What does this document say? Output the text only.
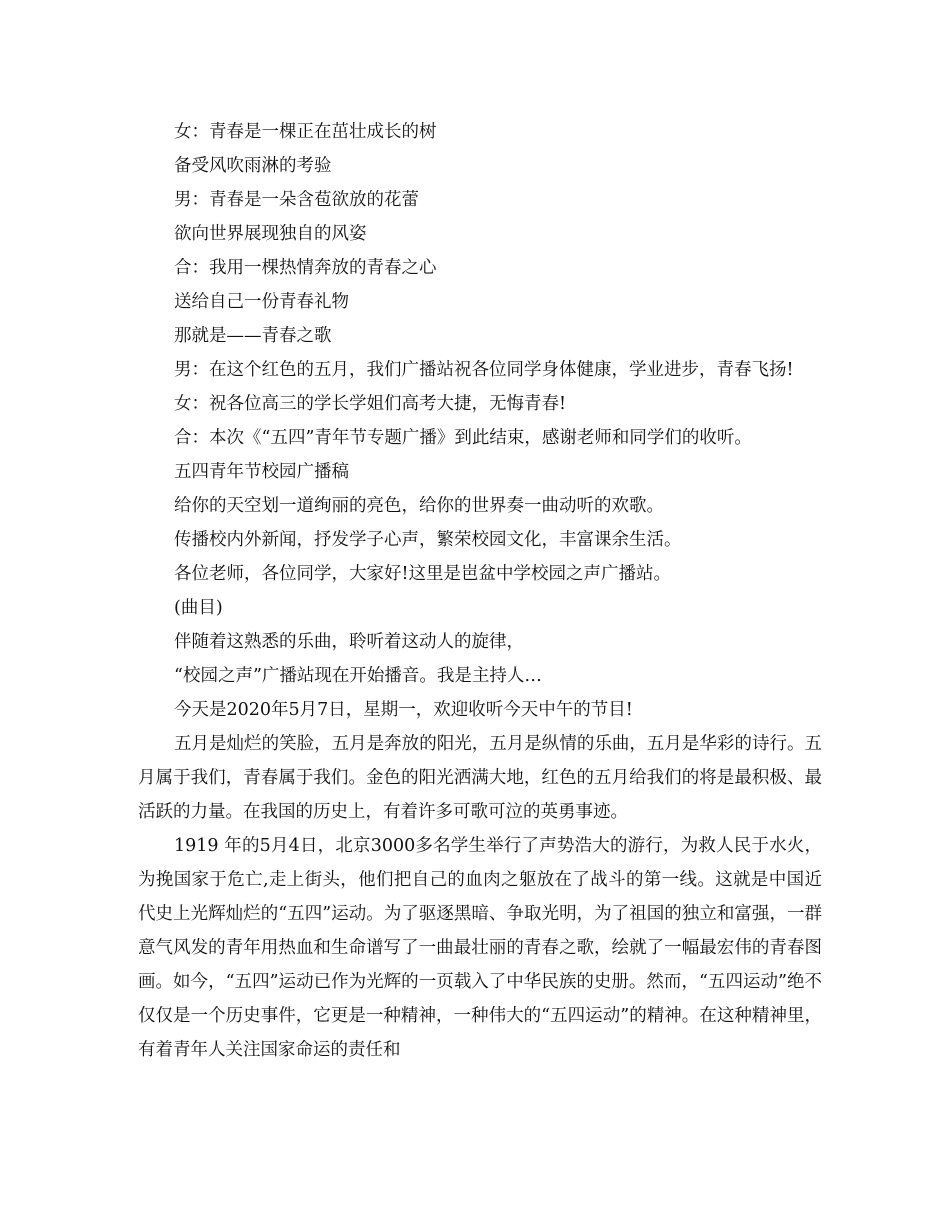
女：青春是一棵正在茁壮成长的树

备受风吹雨淋的考验

男：青春是一朵含苞欲放的花蕾

欲向世界展现独自的风姿

合：我用一棵热情奔放的青春之心

送给自己一份青春礼物

那就是——青春之歌

男：在这个红色的五月，我们广播站祝各位同学身体健康，学业进步，青春飞扬!

女：祝各位高三的学长学姐们高考大捷，无悔青春!

合：本次《“五四”青年节专题广播》到此结束，感谢老师和同学们的收听。

五四青年节校园广播稿

给你的天空划一道绚丽的亮色，给你的世界奏一曲动听的欢歌。

传播校内外新闻，抒发学子心声，繁荣校园文化，丰富课余生活。

各位老师，各位同学，大家好!这里是岜盆中学校园之声广播站。

(曲目)

伴随着这熟悉的乐曲，聆听着这动人的旋律，

“校园之声”广播站现在开始播音。我是主持人…

今天是2020年5月7日，星期一，欢迎收听今天中午的节目!

五月是灿烂的笑脸，五月是奔放的阳光，五月是纵情的乐曲，五月是华彩的诗行。五月属于我们，青春属于我们。金色的阳光洒满大地，红色的五月给我们的将是最积极、最活跃的力量。在我国的历史上，有着许多可歌可泣的英勇事迹。

1919 年的5月4日，北京3000多名学生举行了声势浩大的游行，为救人民于水火，为挽国家于危亡,走上街头，他们把自己的血肉之躯放在了战斗的第一线。这就是中国近代史上光辉灿烂的“五四”运动。为了驱逐黑暗、争取光明，为了祖国的独立和富强，一群意气风发的青年用热血和生命谱写了一曲最壮丽的青春之歌，绘就了一幅最宏伟的青春图画。如今，“五四”运动已作为光辉的一页载入了中华民族的史册。然而，“五四运动”绝不仅仅是一个历史事件，它更是一种精神，一种伟大的“五四运动”的精神。在这种精神里，有着青年人关注国家命运的责任和
